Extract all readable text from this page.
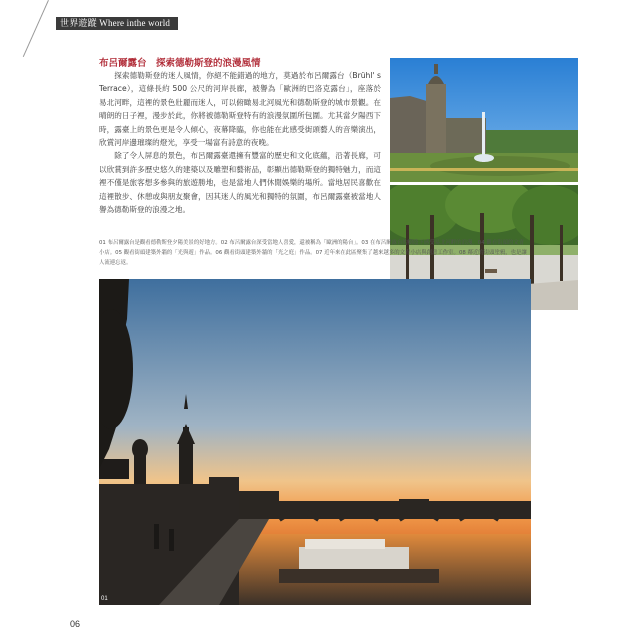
世界遊蹤 Where inthe world
布呂爾露台　探索德勒斯登的浪漫風情

探索德勒斯登的迷人風情，你絕不能錯過的地方，莫過於布呂爾露台（Brühl' s Terrace），這條長約 500 公尺的河岸長廊，被譽為「歐洲的巴洛克露台」，座落於易北河畔，這裡的景色壯麗而迷人，可以俯瞰易北河風光和德勒斯登的城市景觀。在晴朗的日子裡，漫步於此，你將被德勒斯登特有的浪漫氛圍所包圍。尤其當夕陽西下時，露臺上的景色更是令人傾心，夜幕降臨，你也能在此感受街頭藝人的音樂演出，欣賞河岸邊璀璨的燈光，享受一場富有詩意的夜晚。

除了令人屏息的景色，布呂爾露臺還擁有豐富的歷史和文化底蘊，沿著長廊，可以欣賞到許多歷史悠久的建築以及雕塑和藝術品，彰顯出德勒斯登的獨特魅力，而這裡不僅是旅客想多參與的旅遊勝地，也是當地人們休閒娛樂的場所。當地居民喜歡在這裡散步、休憩或與朋友聚會，因其迷人的風光和獨特的氛圍，布呂爾露臺被當地人譽為德勒斯登的浪漫之地。

01 布呂爾露台是觀看德勒斯登夕陽美景的好地方。02 布呂爾露台深受當地人喜愛，還被稱為「歐洲的陽台」。03 在布呂爾露台的樹蔭下感受易北河畔的浪漫。04 觀看街頭的文青小店。05 觀看街頭建築外牆的「光與遊」作品。06 觀看街頭建築外牆的「光之庭」作品。07 近年來在此區聚集了越來越多的文青小店與創意工作室。08 鄰近的街頭塗鴉，也是讓人流連忘返。
01
06
